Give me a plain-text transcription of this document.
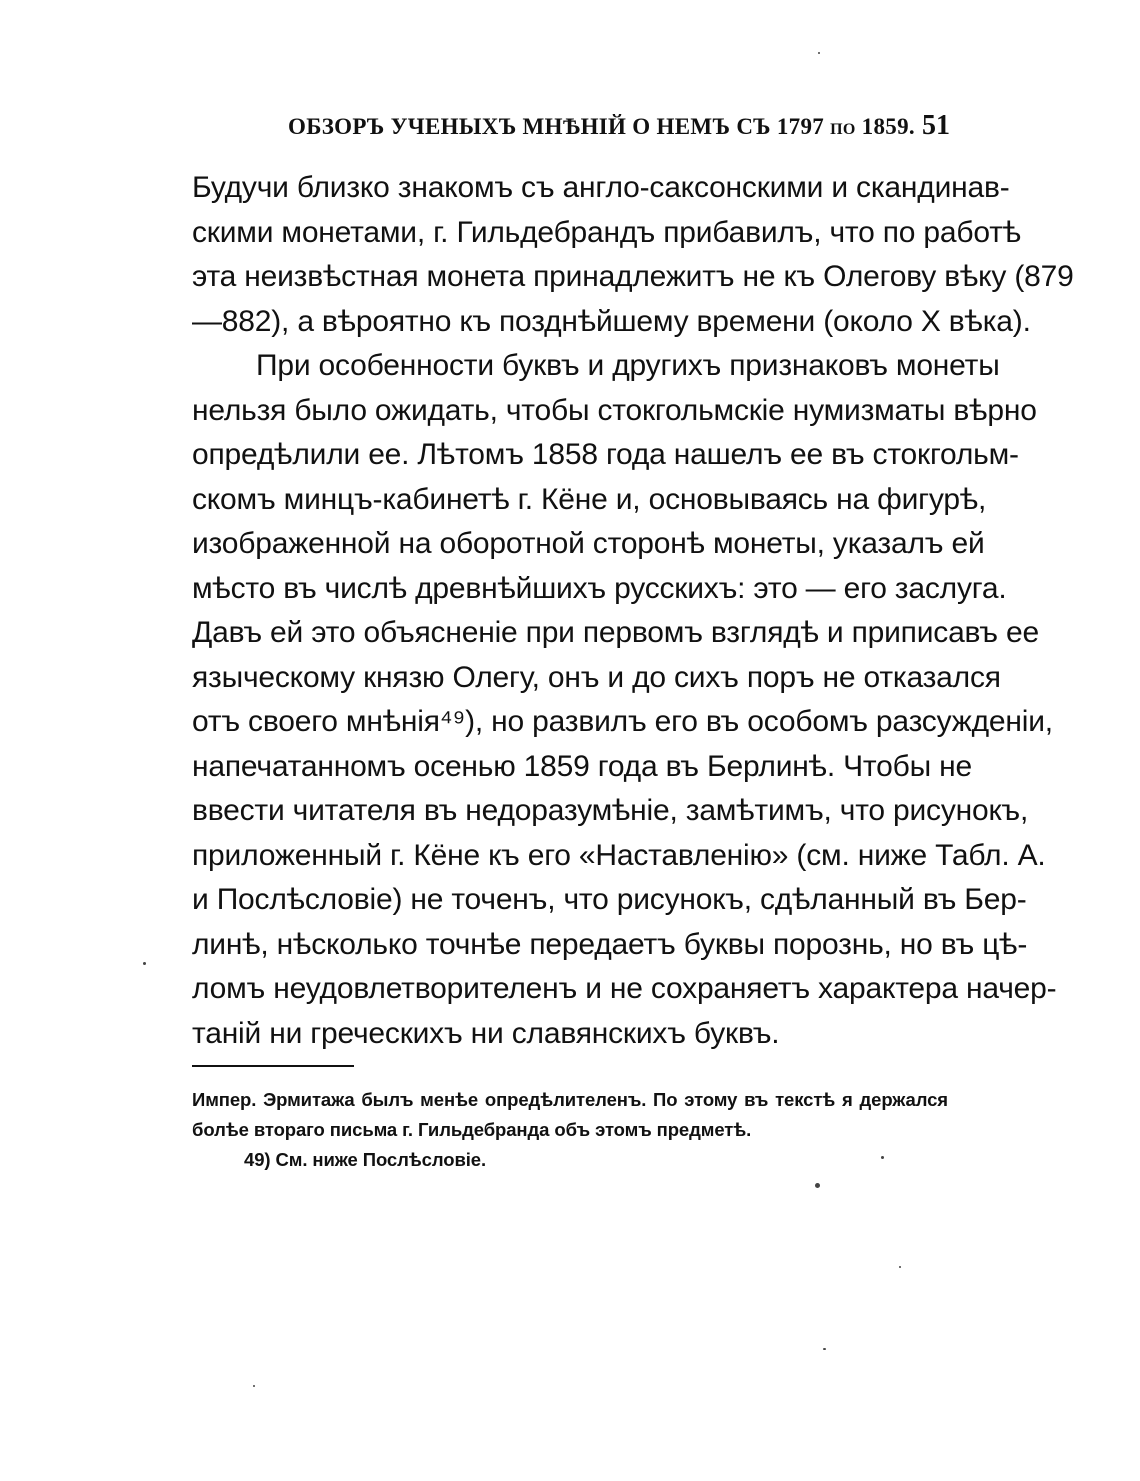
ОБЗОРЪ УЧЕНЫХЪ МНѢНІЙ О НЕМЪ СЪ 1797 по 1859. 51
Будучи близко знакомъ съ англо-саксонскими и скандинав-
скими монетами, г. Гильдебрандъ прибавилъ, что по работѣ
эта неизвѣстная монета принадлежитъ не къ Олегову вѣку (879
—882), а вѣроятно къ позднѣйшему времени (около X вѣка).
При особенности буквъ и другихъ признаковъ монеты
нельзя было ожидать, чтобы стокгольмскіе нумизматы вѣрно
опредѣлили ее. Лѣтомъ 1858 года нашелъ ее въ стокгольм-
скомъ минцъ-кабинетѣ г. Кёне и, основываясь на фигурѣ,
изображенной на оборотной сторонѣ монеты, указалъ ей
мѣсто въ числѣ древнѣйшихъ русскихъ: это — его заслуга.
Давъ ей это объясненіе при первомъ взглядѣ и приписавъ ее
языческому князю Олегу, онъ и до сихъ поръ не отказался
отъ своего мнѣнія⁴⁹), но развилъ его въ особомъ разсужденіи,
напечатанномъ осенью 1859 года въ Берлинѣ. Чтобы не
ввести читателя въ недоразумѣніе, замѣтимъ, что рисунокъ,
приложенный г. Кёне къ его «Наставленію» (см. ниже Табл. А.
и Послѣсловіе) не точенъ, что рисунокъ, сдѣланный въ Бер-
линѣ, нѣсколько точнѣе передаетъ буквы порознь, но въ цѣ-
ломъ неудовлетворителенъ и не сохраняетъ характера начер-
таній ни греческихъ ни славянскихъ буквъ.
Импер. Эрмитажа былъ менѣе опредѣлителенъ. По этому въ текстѣ я держался
болѣе втораго письма г. Гильдебранда объ этомъ предметѣ.
49) См. ниже Послѣсловіе.
